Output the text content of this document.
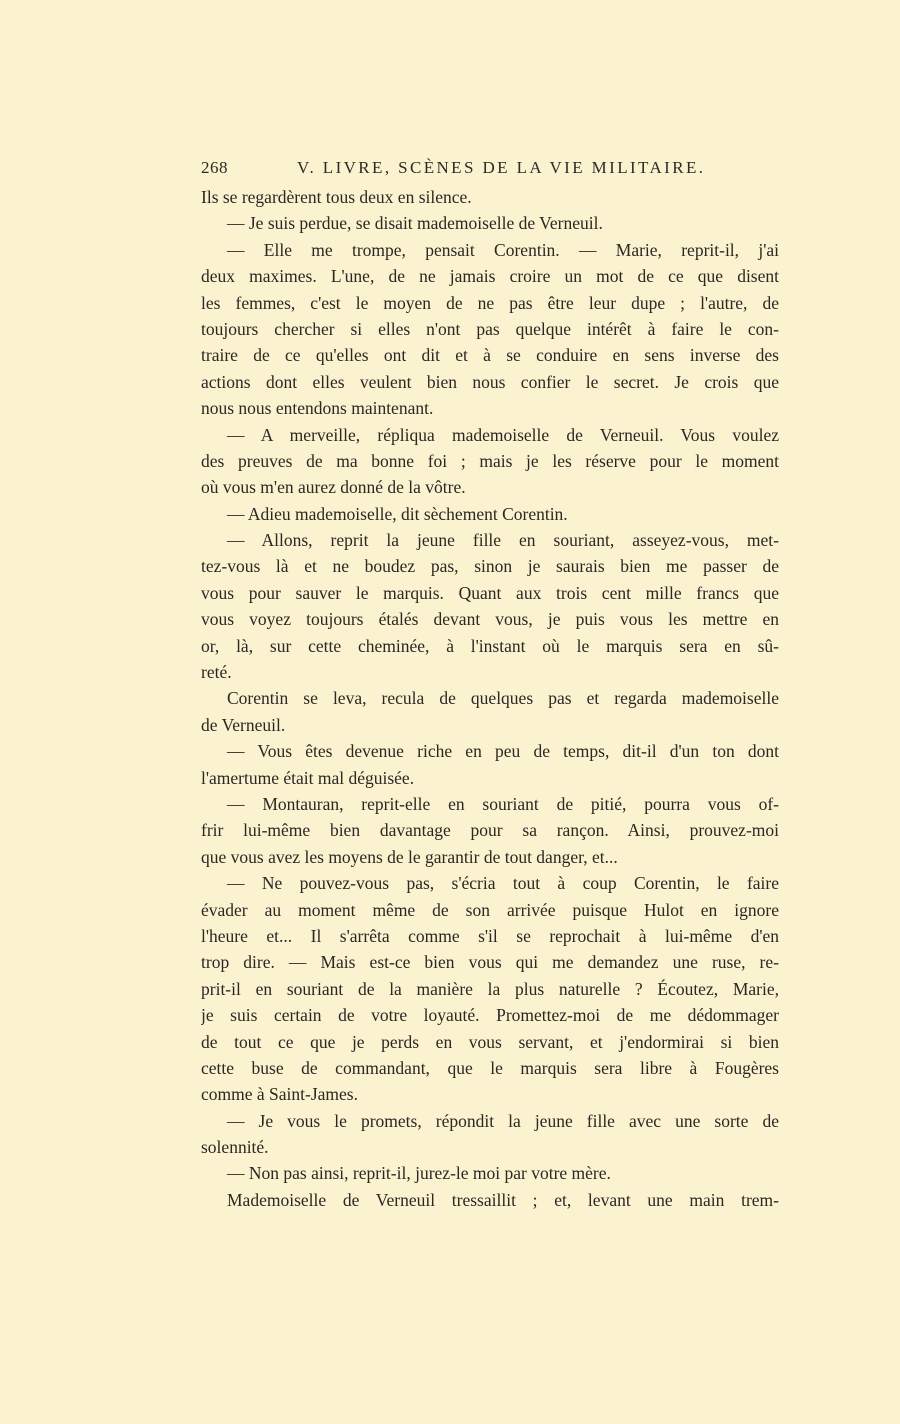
268	V. LIVRE, SCÈNES DE LA VIE MILITAIRE.
Ils se regardèrent tous deux en silence.
— Je suis perdue, se disait mademoiselle de Verneuil.
— Elle me trompe, pensait Corentin. — Marie, reprit-il, j'ai
deux maximes. L'une, de ne jamais croire un mot de ce que disent
les femmes, c'est le moyen de ne pas être leur dupe ; l'autre, de
toujours chercher si elles n'ont pas quelque intérêt à faire le con-
traire de ce qu'elles ont dit et à se conduire en sens inverse des
actions dont elles veulent bien nous confier le secret. Je crois que
nous nous entendons maintenant.
— A merveille, répliqua mademoiselle de Verneuil. Vous voulez
des preuves de ma bonne foi ; mais je les réserve pour le moment
où vous m'en aurez donné de la vôtre.
— Adieu mademoiselle, dit sèchement Corentin.
— Allons, reprit la jeune fille en souriant, asseyez-vous, met-
tez-vous là et ne boudez pas, sinon je saurais bien me passer de
vous pour sauver le marquis. Quant aux trois cent mille francs que
vous voyez toujours étalés devant vous, je puis vous les mettre en
or, là, sur cette cheminée, à l'instant où le marquis sera en sû-
reté.
Corentin se leva, recula de quelques pas et regarda mademoiselle
de Verneuil.
— Vous êtes devenue riche en peu de temps, dit-il d'un ton dont
l'amertume était mal déguisée.
— Montauran, reprit-elle en souriant de pitié, pourra vous of-
frir lui-même bien davantage pour sa rançon. Ainsi, prouvez-moi
que vous avez les moyens de le garantir de tout danger, et...
— Ne pouvez-vous pas, s'écria tout à coup Corentin, le faire
évader au moment même de son arrivée puisque Hulot en ignore
l'heure et... Il s'arrêta comme s'il se reprochait à lui-même d'en
trop dire. — Mais est-ce bien vous qui me demandez une ruse, re-
prit-il en souriant de la manière la plus naturelle ? Écoutez, Marie,
je suis certain de votre loyauté. Promettez-moi de me dédommager
de tout ce que je perds en vous servant, et j'endormirai si bien
cette buse de commandant, que le marquis sera libre à Fougères
comme à Saint-James.
— Je vous le promets, répondit la jeune fille avec une sorte de
solennité.
— Non pas ainsi, reprit-il, jurez-le moi par votre mère.
Mademoiselle de Verneuil tressaillit ; et, levant une main trem-
